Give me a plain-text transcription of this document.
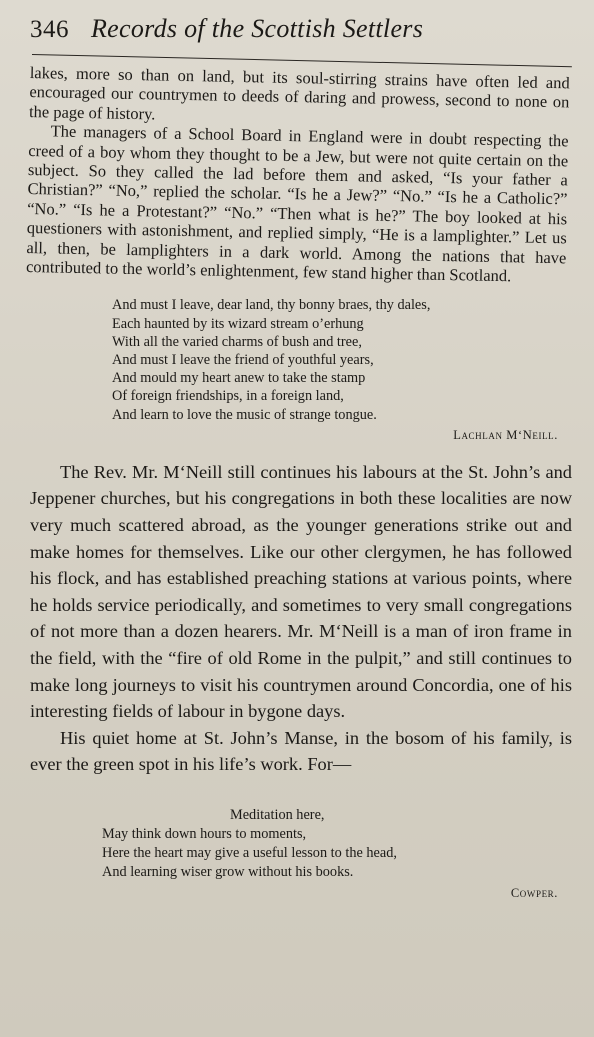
346 Records of the Scottish Settlers

lakes, more so than on land, but its soul-stirring strains have often led and encouraged our countrymen to deeds of daring and prowess, second to none on the page of history.

The managers of a School Board in England were in doubt respecting the creed of a boy whom they thought to be a Jew, but were not quite certain on the subject. So they called the lad before them and asked, “Is your father a Christian?” “No,” replied the scholar. “Is he a Jew?” “No.” “Is he a Catholic?” “No.” “Is he a Protestant?” “No.” “Then what is he?” The boy looked at his questioners with astonishment, and replied simply, “He is a lamplighter.” Let us all, then, be lamplighters in a dark world. Among the nations that have contributed to the world’s enlightenment, few stand higher than Scotland.

And must I leave, dear land, thy bonny braes, thy dales,
Each haunted by its wizard stream o’erhung
With all the varied charms of bush and tree,
And must I leave the friend of youthful years,
And mould my heart anew to take the stamp
Of foreign friendships, in a foreign land,
And learn to love the music of strange tongue.
Lachlan M‘Neill.

The Rev. Mr. M‘Neill still continues his labours at the St. John’s and Jeppener churches, but his congregations in both these localities are now very much scattered abroad, as the younger generations strike out and make homes for themselves. Like our other clergymen, he has followed his flock, and has established preaching stations at various points, where he holds service periodically, and sometimes to very small congregations of not more than a dozen hearers. Mr. M‘Neill is a man of iron frame in the field, with the “fire of old Rome in the pulpit,” and still continues to make long journeys to visit his countrymen around Concordia, one of his interesting fields of labour in bygone days.

His quiet home at St. John’s Manse, in the bosom of his family, is ever the green spot in his life’s work. For—

Meditation here,
May think down hours to moments,
Here the heart may give a useful lesson to the head,
And learning wiser grow without his books.
Cowper.
